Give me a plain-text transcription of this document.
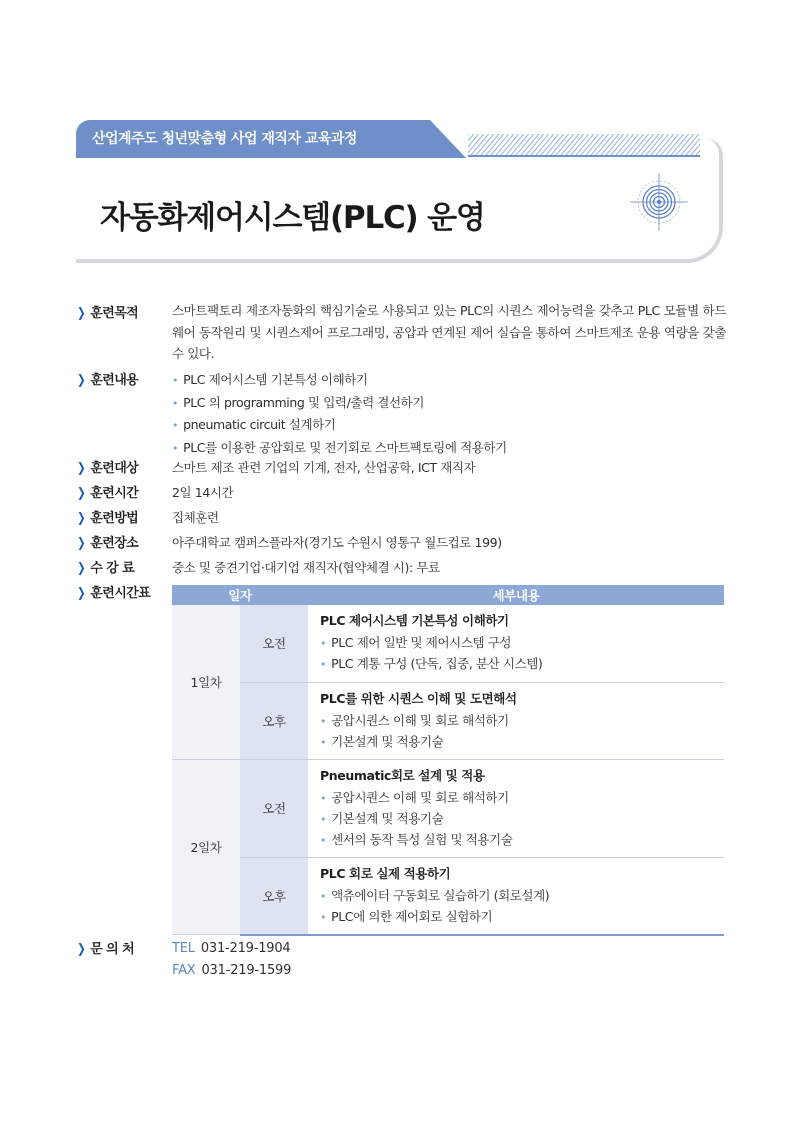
산업계주도 청년맞춤형 사업 재직자 교육과정
자동화제어시스템(PLC) 운영
❯ 훈련목적	스마트팩토리 제조자동화의 핵심기술로 사용되고 있는 PLC의 시퀀스 제어능력을 갖추고 PLC 모듈별 하드웨어 동작원리 및 시퀀스제어 프로그래밍, 공압과 연계된 제어 실습을 통하여 스마트제조 운용 역량을 갖출 수 있다.
❯ 훈련내용	• PLC 제어시스템 기본특성 이해하기
• PLC 의 programming 및 입력/출력 결선하기
• pneumatic circuit 설계하기
• PLC를 이용한 공압회로 및 전기회로 스마트팩토링에 적용하기
❯ 훈련대상	스마트 제조 관련 기업의 기계, 전자, 산업공학, ICT 재직자
❯ 훈련시간	2일 14시간
❯ 훈련방법	집체훈련
❯ 훈련장소	아주대학교 캠퍼스플라자(경기도 수원시 영통구 월드컵로 199)
❯ 수 강 료	중소 및 중견기업·대기업 재직자(협약체결 시): 무료
❯ 훈련시간표	일자		세부내용
1일차	오전	PLC 제어시스템 기본특성 이해하기
• PLC 제어 일반 및 제어시스템 구성
• PLC 계통 구성 (단독, 집중, 분산 시스템)

	오후	PLC를 위한 시퀀스 이해 및 도면해석
• 공압시퀀스 이해 및 회로 해석하기
• 기본설계 및 적용기술

2일차	오전	Pneumatic회로 설계 및 적용
• 공압시퀀스 이해 및 회로 해석하기
• 기본설계 및 적용기술
• 센서의 동작 특성 실험 및 적용기술

	오후	PLC 회로 실제 적용하기
• 액츄에이터 구동회로 실습하기 (회로설계)
• PLC에 의한 제어회로 실험하기
❯ 문 의 처	TEL 031-219-1904
FAX 031-219-1599
